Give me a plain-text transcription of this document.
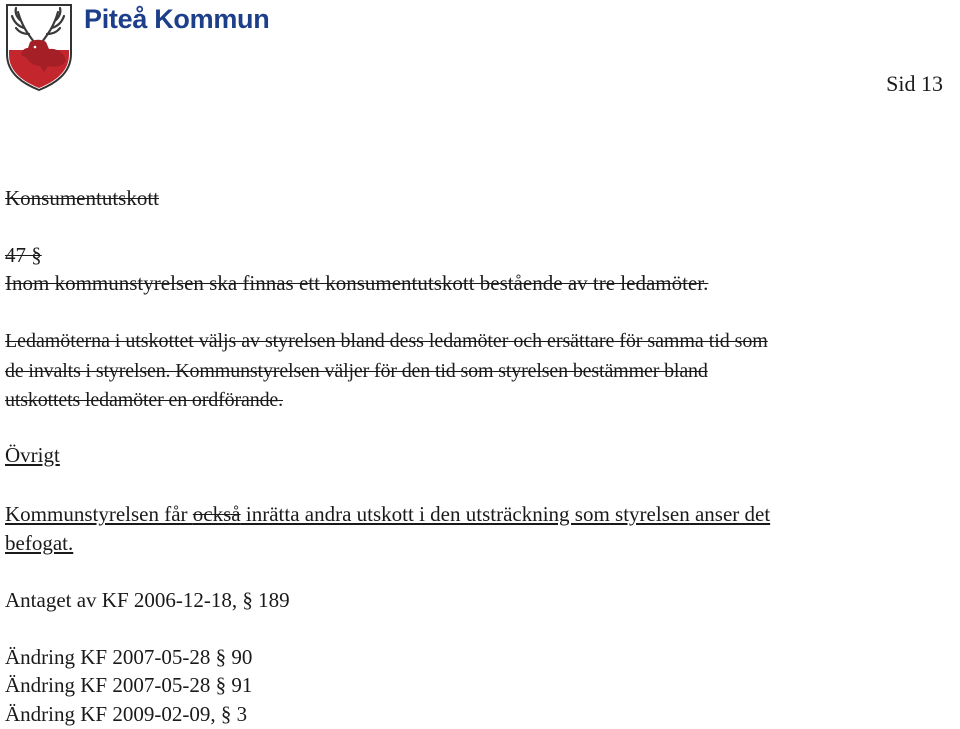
Piteå Kommun
Sid 13
Konsumentutskott
47 §
Inom kommunstyrelsen ska finnas ett konsumentutskott bestående av tre ledamöter.
Ledamöterna i utskottet väljs av styrelsen bland dess ledamöter och ersättare för samma tid som
de invalts i styrelsen. Kommunstyrelsen väljer för den tid som styrelsen bestämmer bland
utskottets ledamöter en ordförande.
Övrigt
Kommunstyrelsen får också inrätta andra utskott i den utsträckning som styrelsen anser det
befogat.
Antaget av KF 2006-12-18, § 189
Ändring KF 2007-05-28 § 90
Ändring KF 2007-05-28 § 91
Ändring KF 2009-02-09, § 3
